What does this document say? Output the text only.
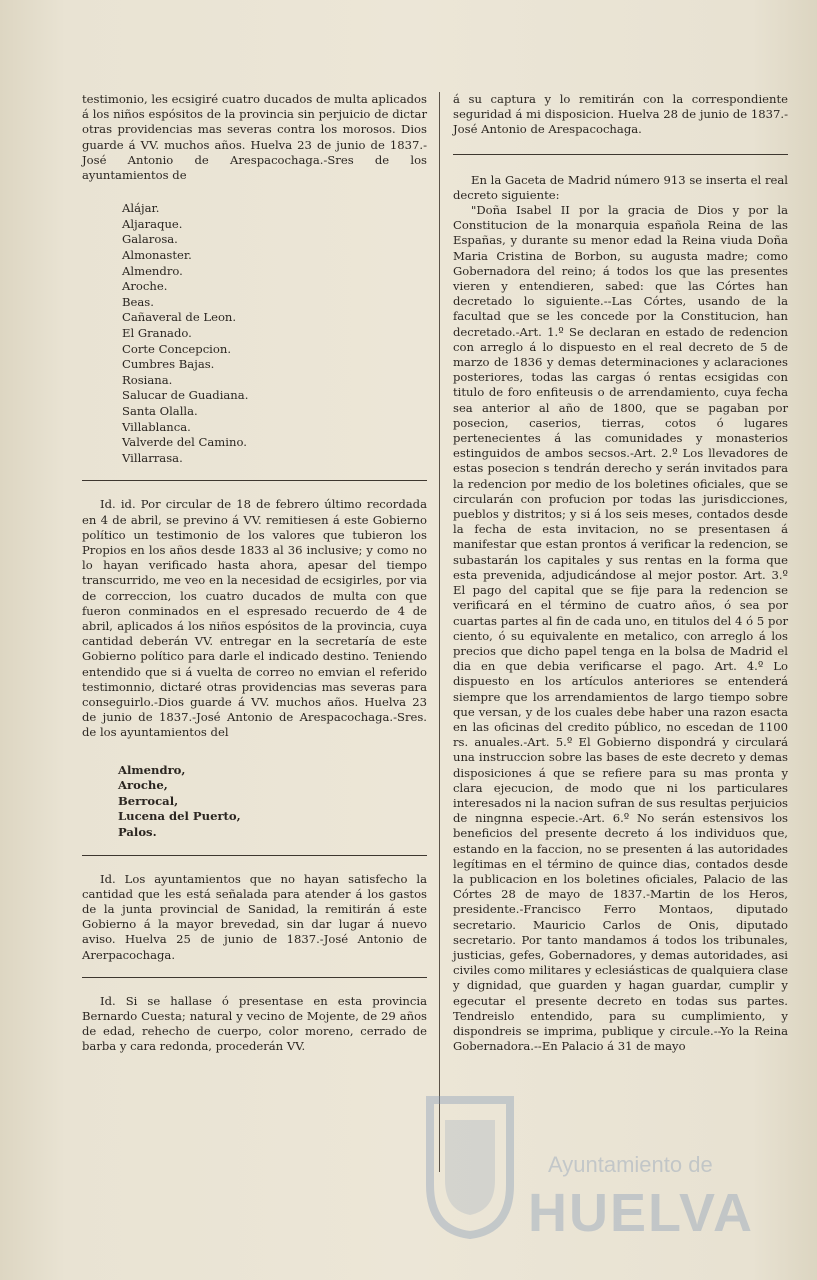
testimonio, les ecsigiré cuatro ducados de multa aplicados á los niños espósitos de la provincia sin perjuicio de dictar otras providencias mas severas contra los morosos. Dios guarde á VV. muchos años. Huelva 23 de junio de 1837.-José Antonio de Arespacochaga.-Sres de los ayuntamientos de

Alájar.
Aljaraque.
Galarosa.
Almonaster.
Almendro.
Aroche.
Beas.
Cañaveral de Leon.
El Granado.
Corte Concepcion.
Cumbres Bajas.
Rosiana.
Salucar de Guadiana.
Santa Olalla.
Villablanca.
Valverde del Camino.
Villarrasa.

Id. id. Por circular de 18 de febrero último recordada en 4 de abril, se previno á VV. remitiesen á este Gobierno político un testimonio de los valores que tubieron los Propios en los años desde 1833 al 36 inclusive; y como no lo hayan verificado hasta ahora, apesar del tiempo transcurrido, me veo en la necesidad de ecsigirles, por via de correccion, los cuatro ducados de multa con que fueron conminados en el espresado recuerdo de 4 de abril, aplicados á los niños espósitos de la provincia, cuya cantidad deberán VV. entregar en la secretaría de este Gobierno político para darle el indicado destino. Teniendo entendido que si á vuelta de correo no emvian el referido testimonnio, dictaré otras providencias mas severas para conseguirlo.-Dios guarde á VV. muchos años. Huelva 23 de junio de 1837.-José Antonio de Arespacochaga.-Sres. de los ayuntamientos del

Almendro,
Aroche,
Berrocal,
Lucena del Puerto,
Palos.

Id. Los ayuntamientos que no hayan satisfecho la cantidad que les está señalada para atender á los gastos de la junta provincial de Sanidad, la remitirán á este Gobierno á la mayor brevedad, sin dar lugar á nuevo aviso. Huelva 25 de junio de 1837.-José Antonio de Arerpacochaga.

Id. Si se hallase ó presentase en esta provincia Bernardo Cuesta; natural y vecino de Mojente, de 29 años de edad, rehecho de cuerpo, color moreno, cerrado de barba y cara redonda, procederán VV.

á su captura y lo remitirán con la correspondiente seguridad á mi disposicion. Huelva 28 de junio de 1837.-José Antonio de Arespacochaga.

En la Gaceta de Madrid número 913 se inserta el real decreto siguiente:

"Doña Isabel II por la gracia de Dios y por la Constitucion de la monarquia española Reina de las Españas, y durante su menor edad la Reina viuda Doña Maria Cristina de Borbon, su augusta madre; como Gobernadora del reino; á todos los que las presentes vieren y entendieren, sabed: que las Córtes han decretado lo siguiente.--Las Córtes, usando de la facultad que se les concede por la Constitucion, han decretado.-Art. 1.º Se declaran en estado de redencion con arreglo á lo dispuesto en el real decreto de 5 de marzo de 1836 y demas determinaciones y aclaraciones posteriores, todas las cargas ó rentas ecsigidas con titulo de foro enfiteusis o de arrendamiento, cuya fecha sea anterior al año de 1800, que se pagaban por posecion, caserios, tierras, cotos ó lugares pertenecientes á las comunidades y monasterios estinguidos de ambos secsos.-Art. 2.º Los llevadores de estas posecion s tendrán derecho y serán invitados para la redencion por medio de los boletines oficiales, que se circularán con profucion por todas las jurisdicciones, pueblos y distritos; y si á los seis meses, contados desde la fecha de esta invitacion, no se presentasen á manifestar que estan prontos á verificar la redencion, se subastarán los capitales y sus rentas en la forma que esta prevenida, adjudicándose al mejor postor. Art. 3.º El pago del capital que se fije para la redencion se verificará en el término de cuatro años, ó sea por cuartas partes al fin de cada uno, en titulos del 4 ó 5 por ciento, ó su equivalente en metalico, con arreglo á los precios que dicho papel tenga en la bolsa de Madrid el dia en que debia verificarse el pago. Art. 4.º Lo dispuesto en los artículos anteriores se entenderá siempre que los arrendamientos de largo tiempo sobre que versan, y de los cuales debe haber una razon esacta en las oficinas del credito público, no escedan de 1100 rs. anuales.-Art. 5.º El Gobierno dispondrá y circulará una instruccion sobre las bases de este decreto y demas disposiciones á que se refiere para su mas pronta y clara ejecucion, de modo que ni los particulares interesados ni la nacion sufran de sus resultas perjuicios de ningnna especie.-Art. 6.º No serán estensivos los beneficios del presente decreto á los individuos que, estando en la faccion, no se presenten á las autoridades legítimas en el término de quince dias, contados desde la publicacion en los boletines oficiales, Palacio de las Córtes 28 de mayo de 1837.-Martin de los Heros, presidente.-Francisco Ferro Montaos, diputado secretario. Mauricio Carlos de Onis, diputado secretario. Por tanto mandamos á todos los tribunales, justicias, gefes, Gobernadores, y demas autoridades, asi civiles como militares y eclesiásticas de qualquiera clase y dignidad, que guarden y hagan guardar, cumplir y egecutar el presente decreto en todas sus partes. Tendreislo entendido, para su cumplimiento, y dispondreis se imprima, publique y circule.--Yo la Reina Gobernadora.--En Palacio á 31 de mayo

Ayuntamiento de
HUELVA
